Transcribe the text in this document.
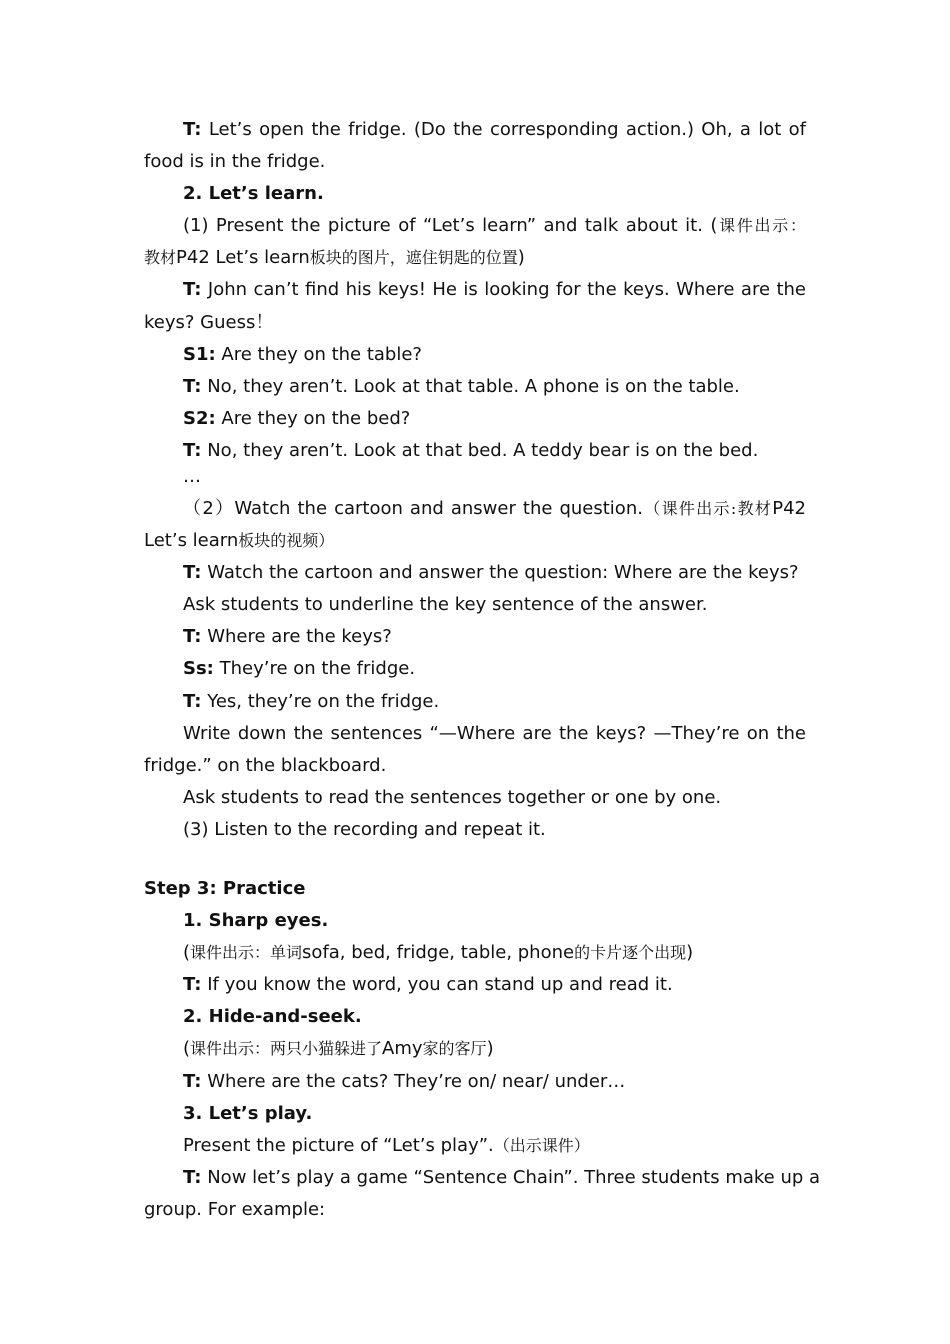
T: Let’s open the fridge. (Do the corresponding action.) Oh, a lot of
food is in the fridge.
2. Let’s learn.
(1) Present the picture of “Let’s learn” and talk about it. (课件出示：
教材P42 Let’s learn板块的图片，遮住钥匙的位置)
T: John can’t find his keys! He is looking for the keys. Where are the
keys? Guess！
S1: Are they on the table?
T: No, they aren’t. Look at that table. A phone is on the table.
S2: Are they on the bed?
T: No, they aren’t. Look at that bed. A teddy bear is on the bed.
…
（2）Watch the cartoon and answer the question.（课件出示:教材P42
Let’s learn板块的视频）
T: Watch the cartoon and answer the question: Where are the keys?
Ask students to underline the key sentence of the answer.
T: Where are the keys?
Ss: They’re on the fridge.
T: Yes, they’re on the fridge.
Write down the sentences “—Where are the keys? —They’re on the
fridge.” on the blackboard.
Ask students to read the sentences together or one by one.
(3) Listen to the recording and repeat it.
Step 3: Practice
1. Sharp eyes.
(课件出示：单词sofa, bed, fridge, table, phone的卡片逐个出现)
T: If you know the word, you can stand up and read it.
2. Hide-and-seek.
(课件出示：两只小猫躲进了Amy家的客厅)
T: Where are the cats? They’re on/ near/ under…
3. Let’s play.
Present the picture of “Let’s play”.（出示课件）
T: Now let’s play a game “Sentence Chain”. Three students make up a
group. For example:
